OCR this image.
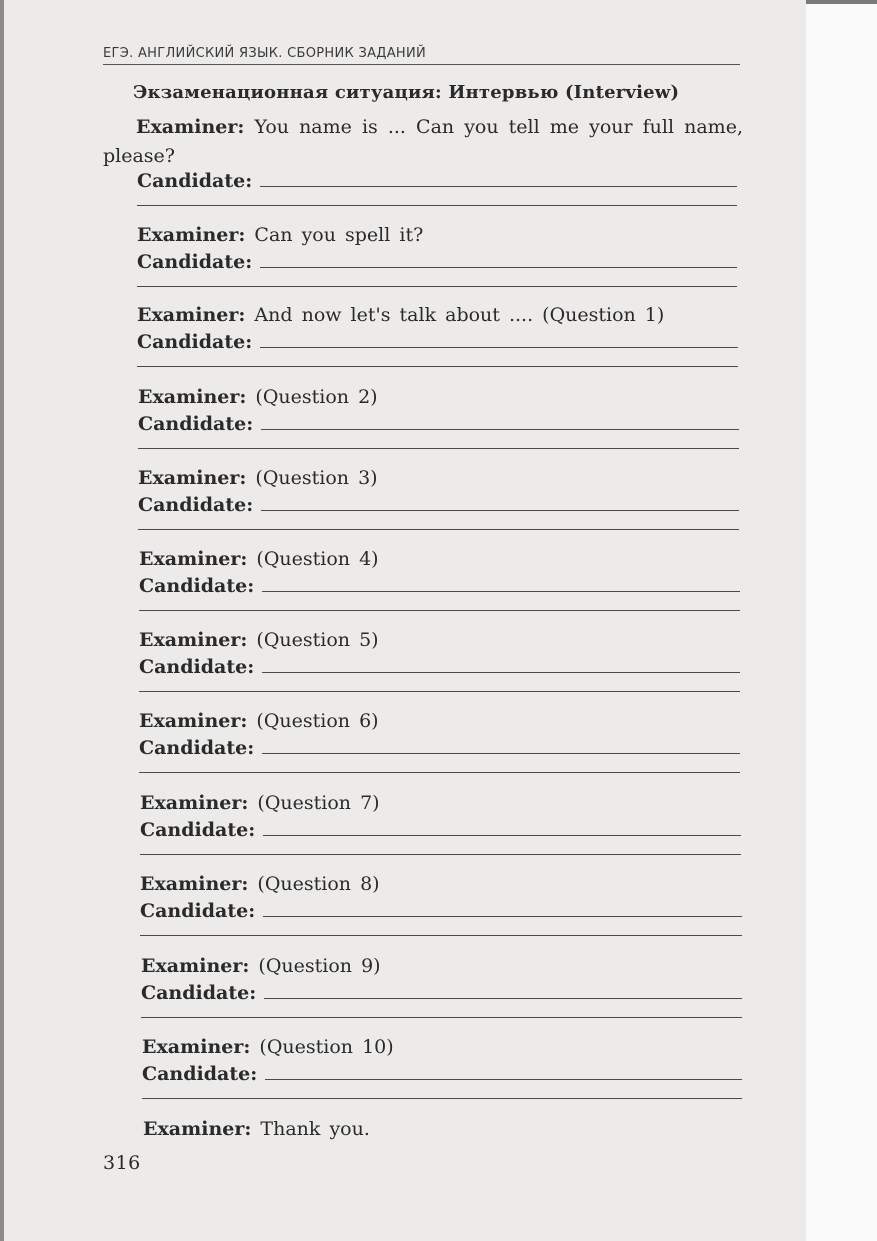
ЕГЭ. АНГЛИЙСКИЙ ЯЗЫК. СБОРНИК ЗАДАНИЙ
Экзаменационная ситуация: Интервью (Interview)
Examiner: You name is ... Can you tell me your full name, please?
Candidate:
Examiner: Can you spell it?
Candidate:
Examiner: And now let's talk about .... (Question 1)
Candidate:
Examiner: (Question 2)
Candidate:
Examiner: (Question 3)
Candidate:
Examiner: (Question 4)
Candidate:
Examiner: (Question 5)
Candidate:
Examiner: (Question 6)
Candidate:
Examiner: (Question 7)
Candidate:
Examiner: (Question 8)
Candidate:
Examiner: (Question 9)
Candidate:
Examiner: (Question 10)
Candidate:
Examiner: Thank you.
316
